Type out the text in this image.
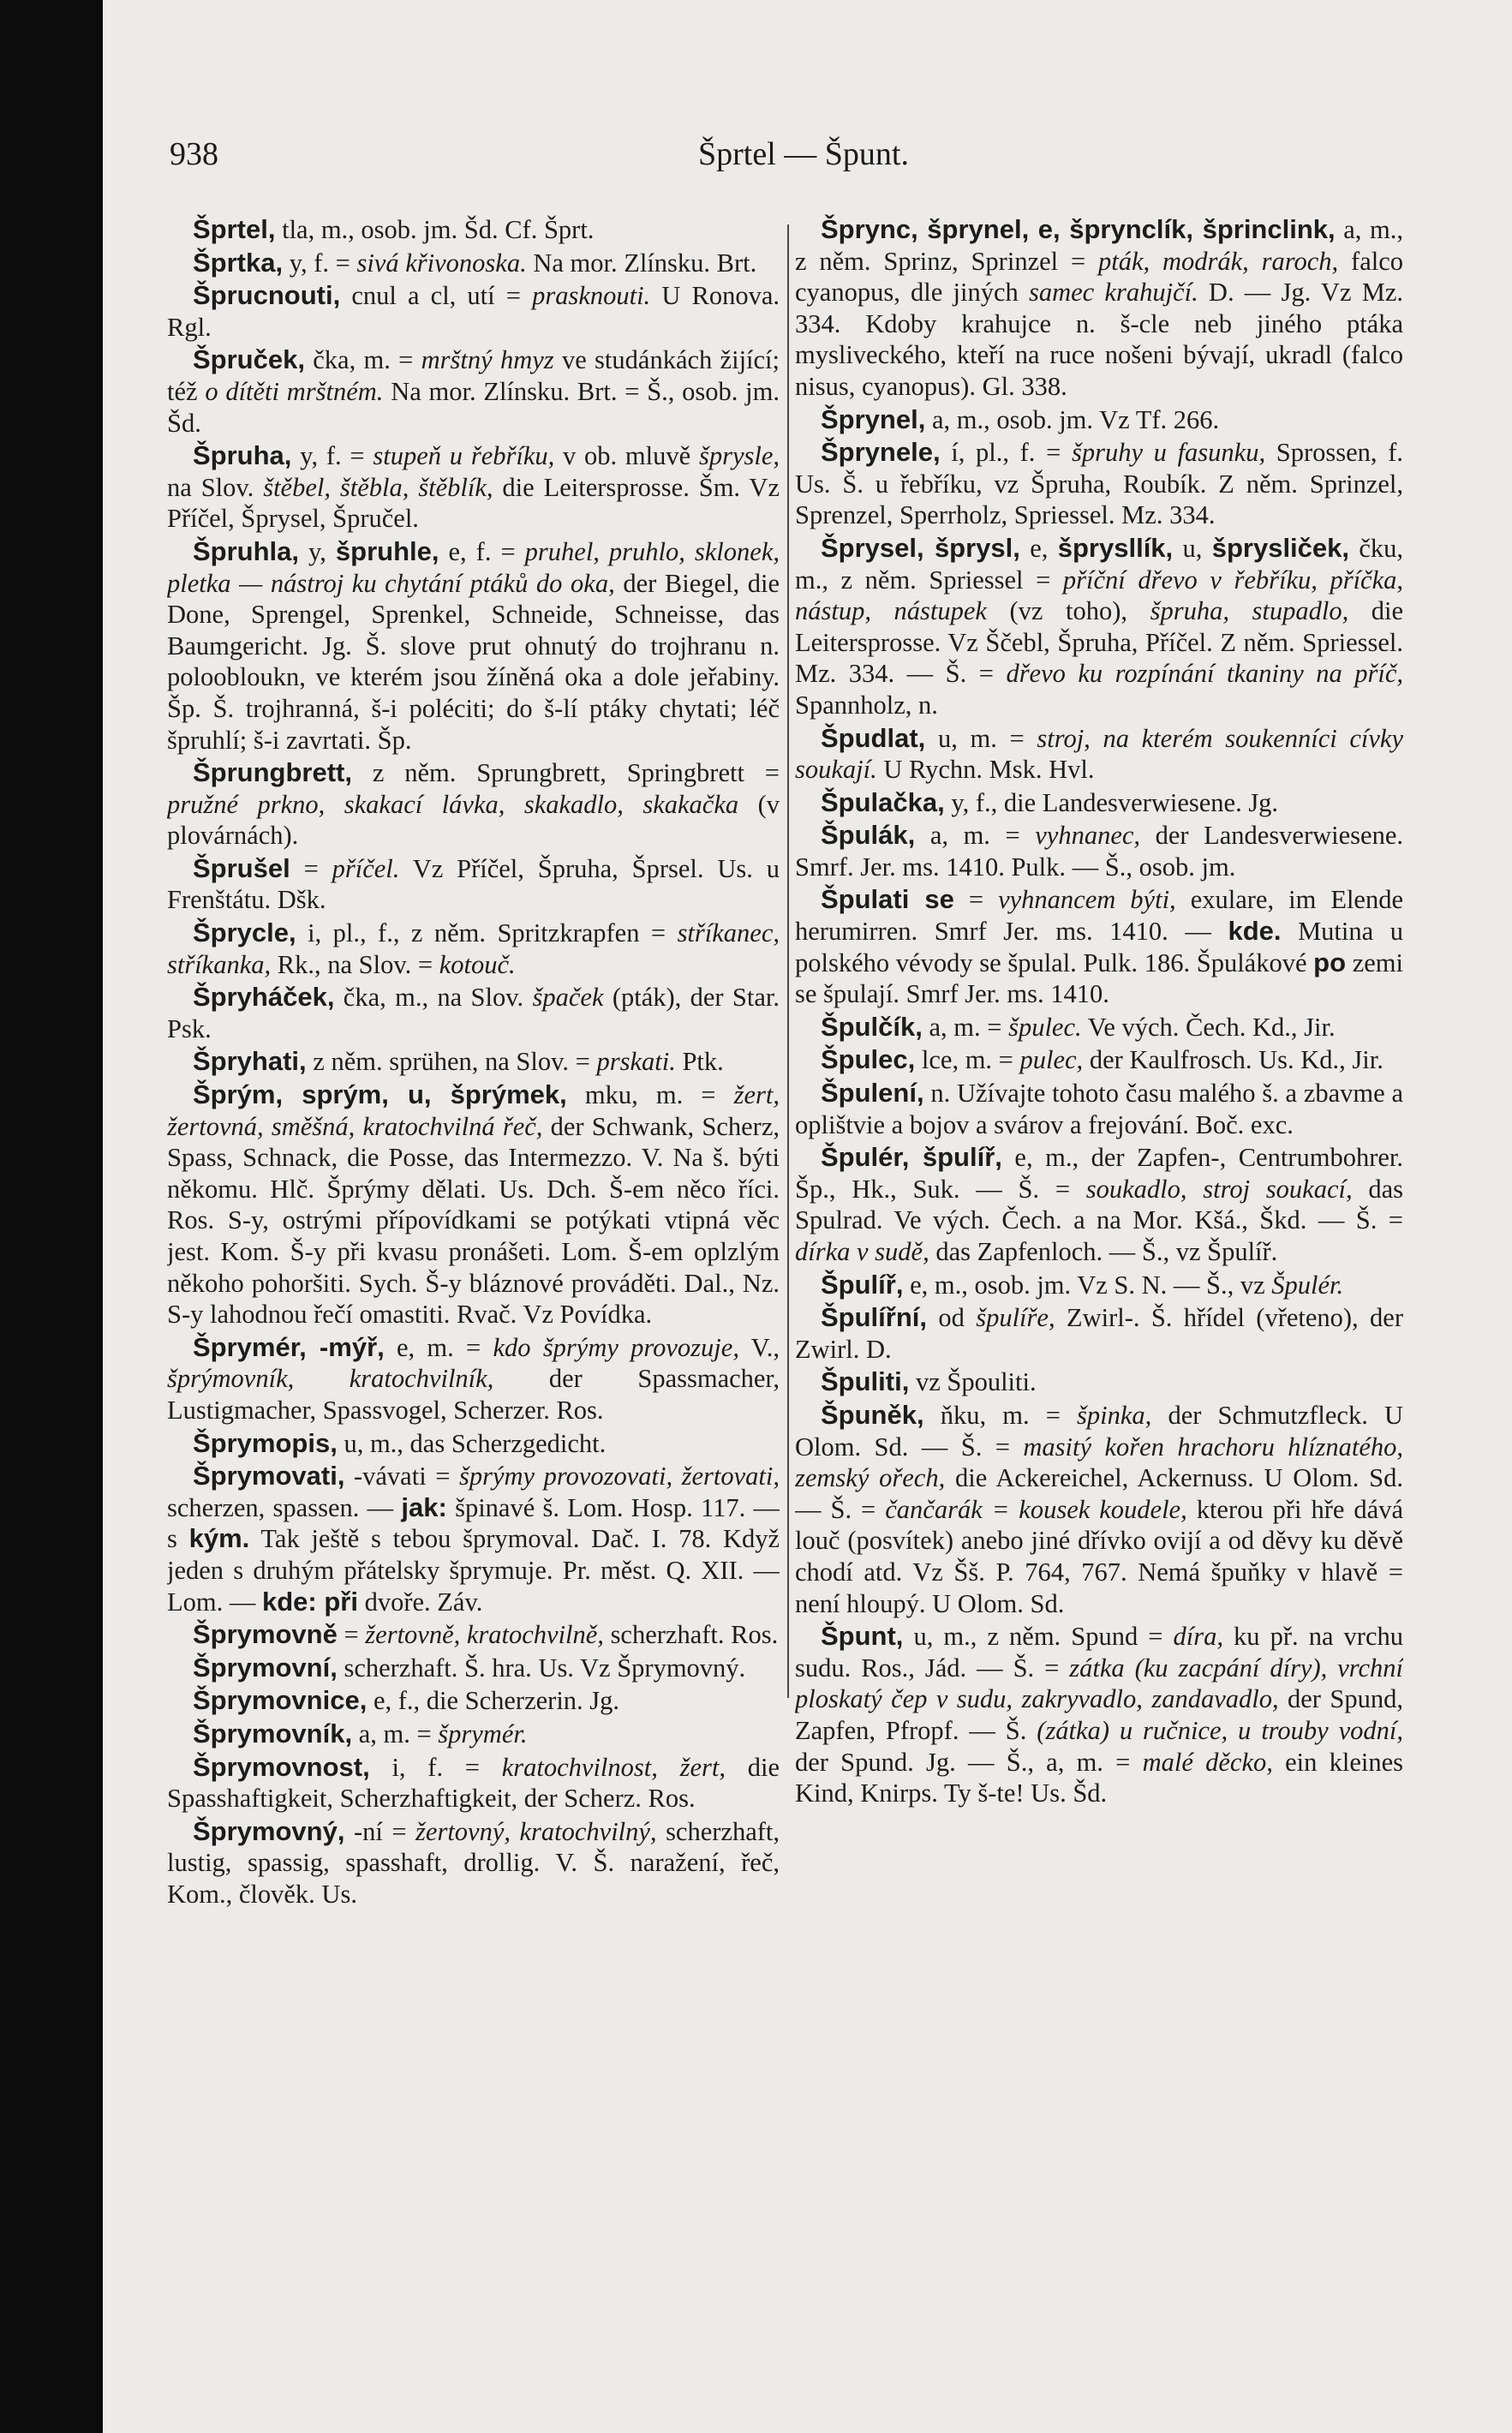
938	Šprtel — Špunt.

Šprtel, tla, m., osob. jm. Šd. Cf. Šprt.

Šprtka, y, f. = sivá křivonoska. Na mor. Zlínsku. Brt.

Šprucnouti, cnul a cl, utí = prasknouti. U Ronova. Rgl.

Špruček, čka, m. = mrštný hmyz ve studánkách žijící; též o dítěti mrštném. Na mor. Zlínsku. Brt. = Š., osob. jm. Šd.

Špruha, y, f. = stupeň u řebříku, v ob. mluvě šprysle, na Slov. štěbel, štěbla, štěblík, die Leitersprosse. Šm. Vz Příčel, Šprysel, Špručel.

Špruhla, y, špruhle, e, f. = pruhel, pruhlo, sklonek, pletka — nástroj ku chytání ptáků do oka, der Biegel, die Done, Sprengel, Sprenkel, Schneide, Schneisse, das Baumgericht. Jg. Š. slove prut ohnutý do trojhranu n. poloobloukn, ve kterém jsou žíněná oka a dole jeřabiny. Šp. Š. trojhranná, š-i poléciti; do š-lí ptáky chytati; léč špruhlí; š-i zavrtati. Šp.

Šprungbrett, z něm. Sprungbrett, Springbrett = pružné prkno, skakací lávka, skakadlo, skakačka (v plovárnách).

Šprušel = příčel. Vz Příčel, Špruha, Šprsel. Us. u Frenštátu. Dšk.

Šprycle, i, pl., f., z něm. Spritzkrapfen = stříkanec, stříkanka, Rk., na Slov. = kotouč.

Špryháček, čka, m., na Slov. špaček (pták), der Star. Psk.

Špryhati, z něm. sprühen, na Slov. = prskati. Ptk.

Šprým, sprým, u, šprýmek, mku, m. = žert, žertovná, směšná, kratochvilná řeč, der Schwank, Scherz, Spass, Schnack, die Posse, das Intermezzo. V. Na š. býti někomu. Hlč. Šprýmy dělati. Us. Dch. Š-em něco říci. Ros. S-y, ostrými přípovídkami se potýkati vtipná věc jest. Kom. Š-y při kvasu pronášeti. Lom. Š-em oplzlým někoho pohoršiti. Sych. Š-y bláznové prováděti. Dal., Nz. S-y lahodnou řečí omastiti. Rvač. Vz Povídka.

Šprymér, -mýř, e, m. = kdo šprýmy provozuje, V., šprýmovník, kratochvilník, der Spassmacher, Lustigmacher, Spassvogel, Scherzer. Ros.

Šprymopis, u, m., das Scherzgedicht.

Šprymovati, -vávati = šprýmy provozovati, žertovati, scherzen, spassen. — jak: špinavé š. Lom. Hosp. 117. — s kým. Tak ještě s tebou šprymoval. Dač. I. 78. Když jeden s druhým přátelsky šprymuje. Pr. měst. Q. XII. — Lom. — kde: při dvoře. Záv.

Šprymovně = žertovně, kratochvilně, scherzhaft. Ros.

Šprymovní, scherzhaft. Š. hra. Us. Vz Šprymovný.

Šprymovnice, e, f., die Scherzerin. Jg.

Šprymovník, a, m. = šprymér.

Šprymovnost, i, f. = kratochvilnost, žert, die Spasshaftigkeit, Scherzhaftigkeit, der Scherz. Ros.

Šprymovný, -ní = žertovný, kratochvilný, scherzhaft, lustig, spassig, spasshaft, drollig. V. Š. naražení, řeč, Kom., člověk. Us.

Šprync, šprynel, e, šprynclík, šprinclink, a, m., z něm. Sprinz, Sprinzel = pták, modrák, raroch, falco cyanopus, dle jiných samec krahujčí. D. — Jg. Vz Mz. 334. Kdoby krahujce n. š-cle neb jiného ptáka mysliveckého, kteří na ruce nošeni bývají, ukradl (falco nisus, cyanopus). Gl. 338.

Šprynel, a, m., osob. jm. Vz Tf. 266.

Šprynele, í, pl., f. = špruhy u fasunku, Sprossen, f. Us. Š. u řebříku, vz Špruha, Roubík. Z něm. Sprinzel, Sprenzel, Sperrholz, Spriessel. Mz. 334.

Šprysel, šprysl, e, šprysllík, u, šprysliček, čku, m., z něm. Spriessel = příční dřevo v řebříku, příčka, nástup, nástupek (vz toho), špruha, stupadlo, die Leitersprosse. Vz Ščebl, Špruha, Příčel. Z něm. Spriessel. Mz. 334. — Š. = dřevo ku rozpínání tkaniny na příč, Spannholz, n.

Špudlat, u, m. = stroj, na kterém soukenníci cívky soukají. U Rychn. Msk. Hvl.

Špulačka, y, f., die Landesverwiesene. Jg.

Špulák, a, m. = vyhnanec, der Landesverwiesene. Smrf. Jer. ms. 1410. Pulk. — Š., osob. jm.

Špulati se = vyhnancem býti, exulare, im Elende herumirren. Smrf Jer. ms. 1410. — kde. Mutina u polského vévody se špulal. Pulk. 186. Špulákové po zemi se špulají. Smrf Jer. ms. 1410.

Špulčík, a, m. = špulec. Ve vých. Čech. Kd., Jir.

Špulec, lce, m. = pulec, der Kaulfrosch. Us. Kd., Jir.

Špulení, n. Užívajte tohoto času malého š. a zbavme a oplištvie a bojov a svárov a frejování. Boč. exc.

Špulér, špulíř, e, m., der Zapfen-, Centrumbohrer. Šp., Hk., Suk. — Š. = soukadlo, stroj soukací, das Spulrad. Ve vých. Čech. a na Mor. Kšá., Škd. — Š. = dírka v sudě, das Zapfenloch. — Š., vz Špulíř.

Špulíř, e, m., osob. jm. Vz S. N. — Š., vz Špulér.

Špulířní, od špulíře, Zwirl-. Š. hřídel (vřeteno), der Zwirl. D.

Špuliti, vz Špouliti.

Špuněk, ňku, m. = špinka, der Schmutzfleck. U Olom. Sd. — Š. = masitý kořen hrachoru hlíznatého, zemský ořech, die Ackereichel, Ackernuss. U Olom. Sd. — Š. = čančarák = kousek koudele, kterou při hře dává louč (posvítek) anebo jiné dřívko ovijí a od děvy ku děvě chodí atd. Vz Šš. P. 764, 767. Nemá špuňky v hlavě = není hloupý. U Olom. Sd.

Špunt, u, m., z něm. Spund = díra, ku př. na vrchu sudu. Ros., Jád. — Š. = zátka (ku zacpání díry), vrchní ploskatý čep v sudu, zakryvadlo, zandavadlo, der Spund, Zapfen, Pfropf. — Š. (zátka) u ručnice, u trouby vodní, der Spund. Jg. — Š., a, m. = malé děcko, ein kleines Kind, Knirps. Ty š-te! Us. Šd.
